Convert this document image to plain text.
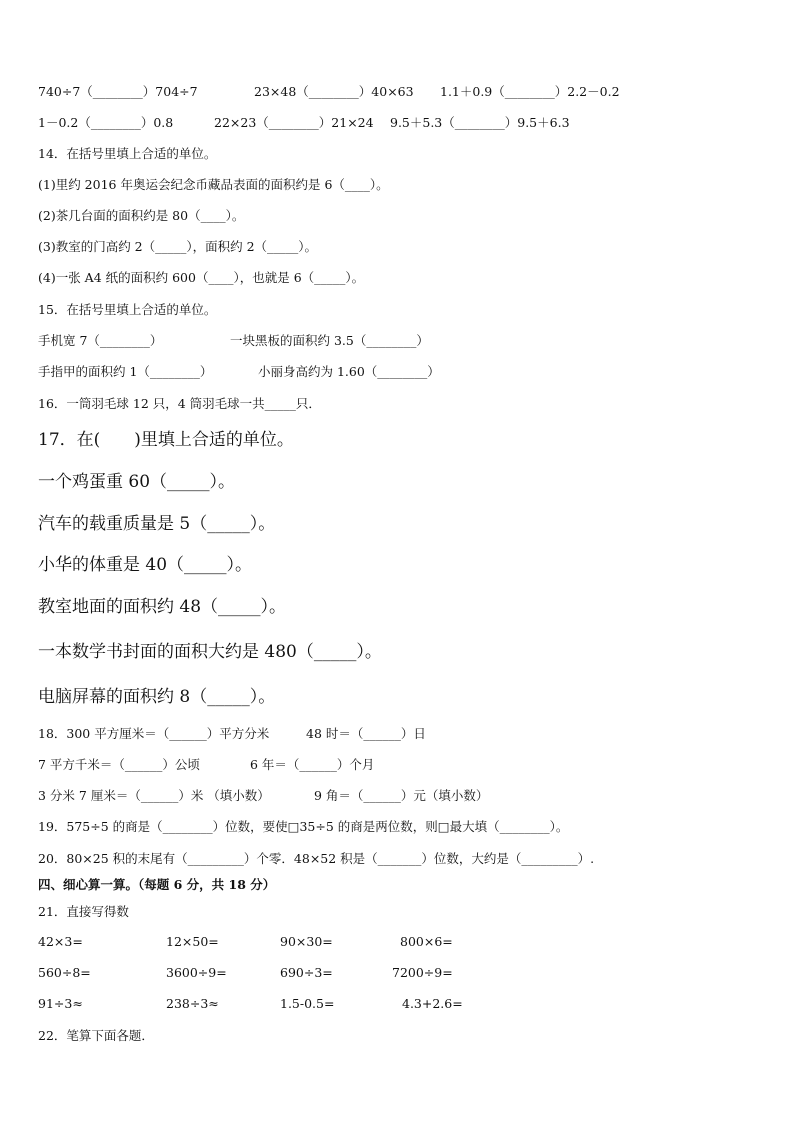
740÷7（________）704÷7	23×48（________）40×63 1.1＋0.9（________）2.2－0.2
1－0.2（________）0.8	22×23（________）21×24 9.5＋5.3（________）9.5＋6.3
14．在括号里填上合适的单位。
(1)里约 2016 年奥运会纪念币藏品表面的面积约是 6（____）。
(2)茶几台面的面积约是 80（____）。
(3)教室的门高约 2（_____），面积约 2（_____）。
(4)一张 A4 纸的面积约 600（____），也就是 6（_____）。
15．在括号里填上合适的单位。
手机宽 7（________）	一块黑板的面积约 3.5（________）
手指甲的面积约 1（________）	小丽身高约为 1.60（________）
16．一筒羽毛球 12 只，4 筒羽毛球一共_____只．
17．在(　　)里填上合适的单位。
一个鸡蛋重 60（_____）。
汽车的载重质量是 5（_____）。
小华的体重是 40（_____）。
教室地面的面积约 48（_____）。
一本数学书封面的面积大约是 480（_____）。
电脑屏幕的面积约 8（_____）。
18．300 平方厘米＝（______）平方分米	48 时＝（______）日
7 平方千米＝（______）公顷	6 年＝（______）个月
3 分米 7 厘米＝（______）米 （填小数）	9 角＝（______）元（填小数）
19．575÷5 的商是（________）位数，要使□35÷5 的商是两位数，则□最大填（________）。
20．80×25 积的末尾有（_________）个零．48×52 积是（_______）位数，大约是（_________）.
四、细心算一算。（每题 6 分，共 18 分）
21．直接写得数
42×3=	12×50=	90×30=	800×6=
560÷8=	3600÷9=	690÷3=	7200÷9=
91÷3≈	238÷3≈	1.5-0.5=	4.3+2.6=
22．笔算下面各题．
